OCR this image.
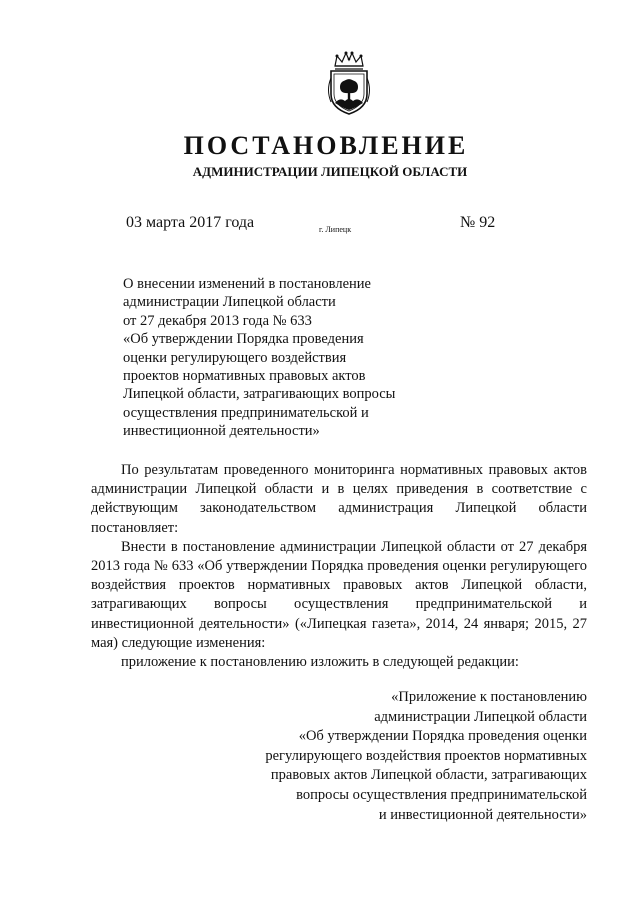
ПОСТАНОВЛЕНИЕ
АДМИНИСТРАЦИИ ЛИПЕЦКОЙ ОБЛАСТИ
03 марта 2017 года	г. Липецк	№ 92
О внесении изменений в постановление
администрации Липецкой области
от 27 декабря 2013 года № 633
«Об утверждении Порядка проведения
оценки регулирующего воздействия
проектов нормативных правовых актов
Липецкой области, затрагивающих вопросы
осуществления предпринимательской и
инвестиционной деятельности»

По результатам проведенного мониторинга нормативных правовых актов администрации Липецкой области и в целях приведения в соответствие с действующим законодательством администрация Липецкой области постановляет:

Внести в постановление администрации Липецкой области от 27 декабря 2013 года № 633 «Об утверждении Порядка проведения оценки регулирующего воздействия проектов нормативных правовых актов Липецкой области, затрагивающих вопросы осуществления предпринимательской и инвестиционной деятельности» («Липецкая газета», 2014, 24 января; 2015, 27 мая) следующие изменения:

приложение к постановлению изложить в следующей редакции:

«Приложение к постановлению
администрации Липецкой области
«Об утверждении Порядка проведения оценки
регулирующего воздействия проектов нормативных
правовых актов Липецкой области, затрагивающих
вопросы осуществления предпринимательской
и инвестиционной деятельности»
